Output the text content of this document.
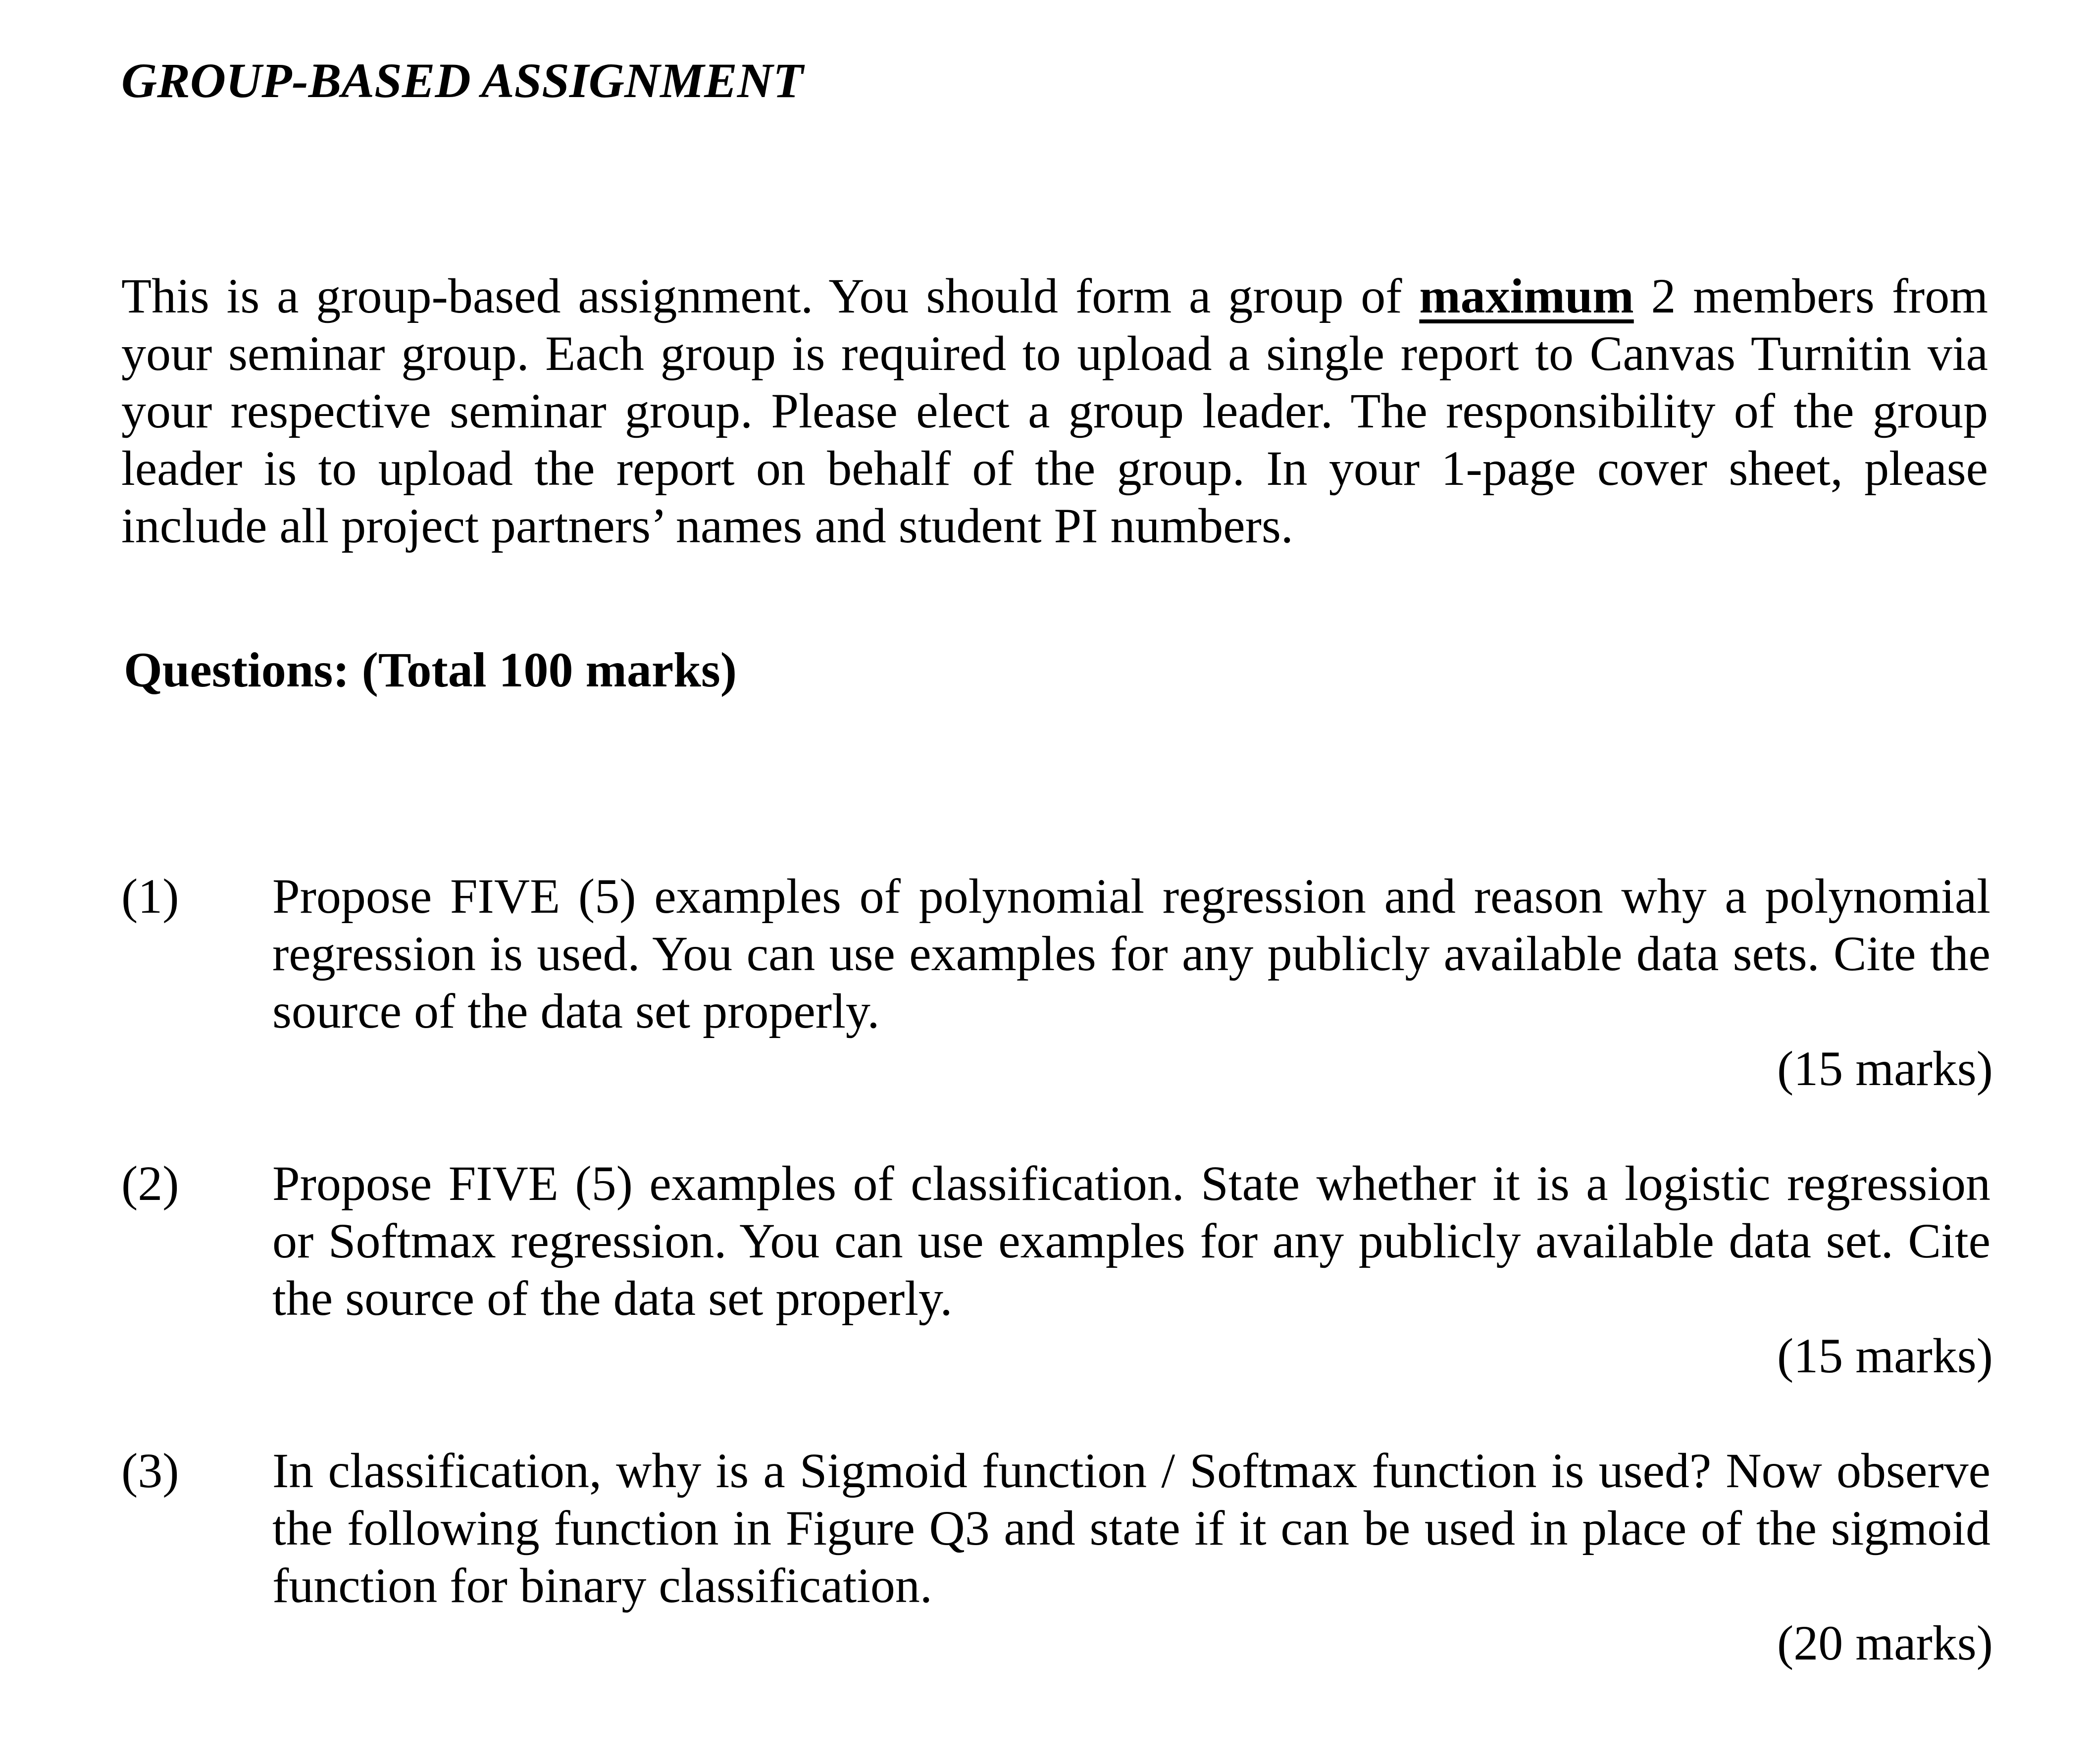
GROUP-BASED ASSIGNMENT

This is a group-based assignment. You should form a group of maximum 2 members from your seminar group. Each group is required to upload a single report to Canvas Turnitin via your respective seminar group. Please elect a group leader. The responsibility of the group leader is to upload the report on behalf of the group. In your 1-page cover sheet, please include all project partners’ names and student PI numbers.

Questions: (Total 100 marks)
(1) Propose FIVE (5) examples of polynomial regression and reason why a polynomial regression is used. You can use examples for any publicly available data sets. Cite the source of the data set properly.

(15 marks)
(2) Propose FIVE (5) examples of classification. State whether it is a logistic regression or Softmax regression. You can use examples for any publicly available data set. Cite the source of the data set properly.

(15 marks)
(3) In classification, why is a Sigmoid function / Softmax function is used? Now observe the following function in Figure Q3 and state if it can be used in place of the sigmoid function for binary classification.

(20 marks)
